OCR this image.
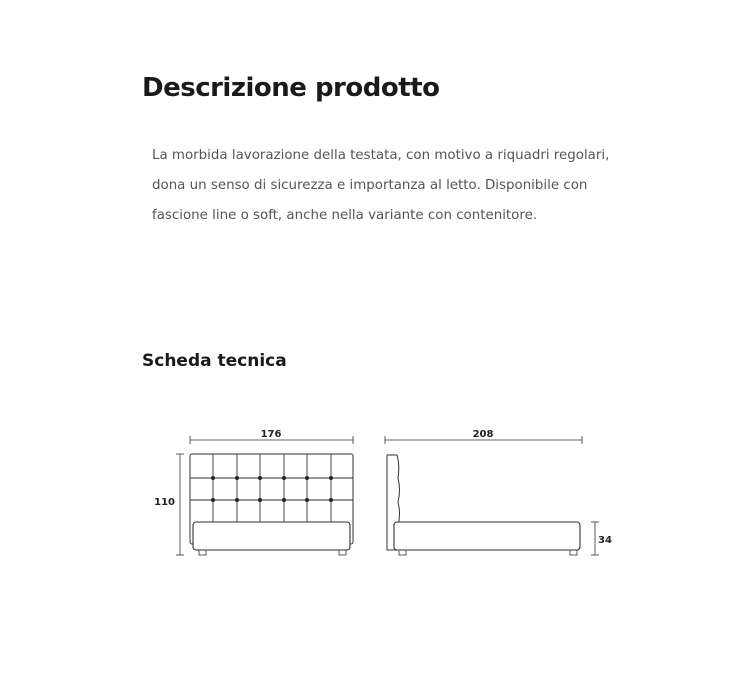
Descrizione prodotto
La morbida lavorazione della testata, con motivo a riquadri regolari,
dona un senso di sicurezza e importanza al letto. Disponibile con
fascione line o soft, anche nella variante con contenitore.
Scheda tecnica
176	208
110
34
